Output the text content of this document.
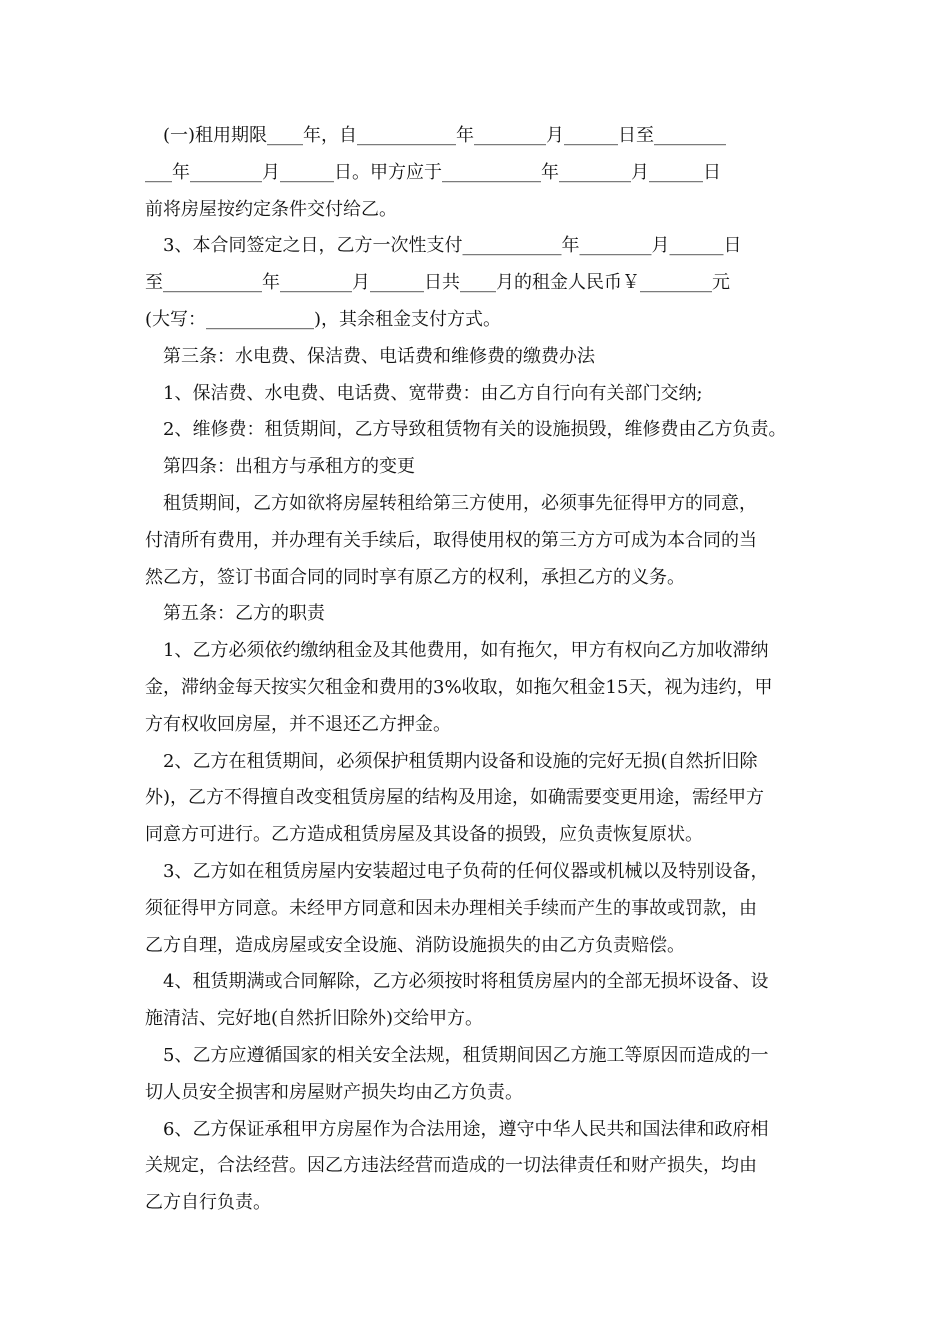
(一)租用期限____年，自___________年________月______日至________
___年________月______日。甲方应于___________年________月______日
前将房屋按约定条件交付给乙。
3、本合同签定之日，乙方一次性支付___________年________月______日
至___________年________月______日共____月的租金人民币￥________元
(大写：____________)，其余租金支付方式。
第三条：水电费、保洁费、电话费和维修费的缴费办法
1、保洁费、水电费、电话费、宽带费：由乙方自行向有关部门交纳;
2、维修费：租赁期间，乙方导致租赁物有关的设施损毁，维修费由乙方负责。
第四条：出租方与承租方的变更
租赁期间，乙方如欲将房屋转租给第三方使用，必须事先征得甲方的同意，
付清所有费用，并办理有关手续后，取得使用权的第三方方可成为本合同的当
然乙方，签订书面合同的同时享有原乙方的权利，承担乙方的义务。
第五条：乙方的职责
1、乙方必须依约缴纳租金及其他费用，如有拖欠，甲方有权向乙方加收滞纳
金，滞纳金每天按实欠租金和费用的3%收取，如拖欠租金15天，视为违约，甲
方有权收回房屋，并不退还乙方押金。
2、乙方在租赁期间，必须保护租赁期内设备和设施的完好无损(自然折旧除
外)，乙方不得擅自改变租赁房屋的结构及用途，如确需要变更用途，需经甲方
同意方可进行。乙方造成租赁房屋及其设备的损毁，应负责恢复原状。
3、乙方如在租赁房屋内安装超过电子负荷的任何仪器或机械以及特别设备，
须征得甲方同意。未经甲方同意和因未办理相关手续而产生的事故或罚款，由
乙方自理，造成房屋或安全设施、消防设施损失的由乙方负责赔偿。
4、租赁期满或合同解除，乙方必须按时将租赁房屋内的全部无损坏设备、设
施清洁、完好地(自然折旧除外)交给甲方。
5、乙方应遵循国家的相关安全法规，租赁期间因乙方施工等原因而造成的一
切人员安全损害和房屋财产损失均由乙方负责。
6、乙方保证承租甲方房屋作为合法用途，遵守中华人民共和国法律和政府相
关规定，合法经营。因乙方违法经营而造成的一切法律责任和财产损失，均由
乙方自行负责。
